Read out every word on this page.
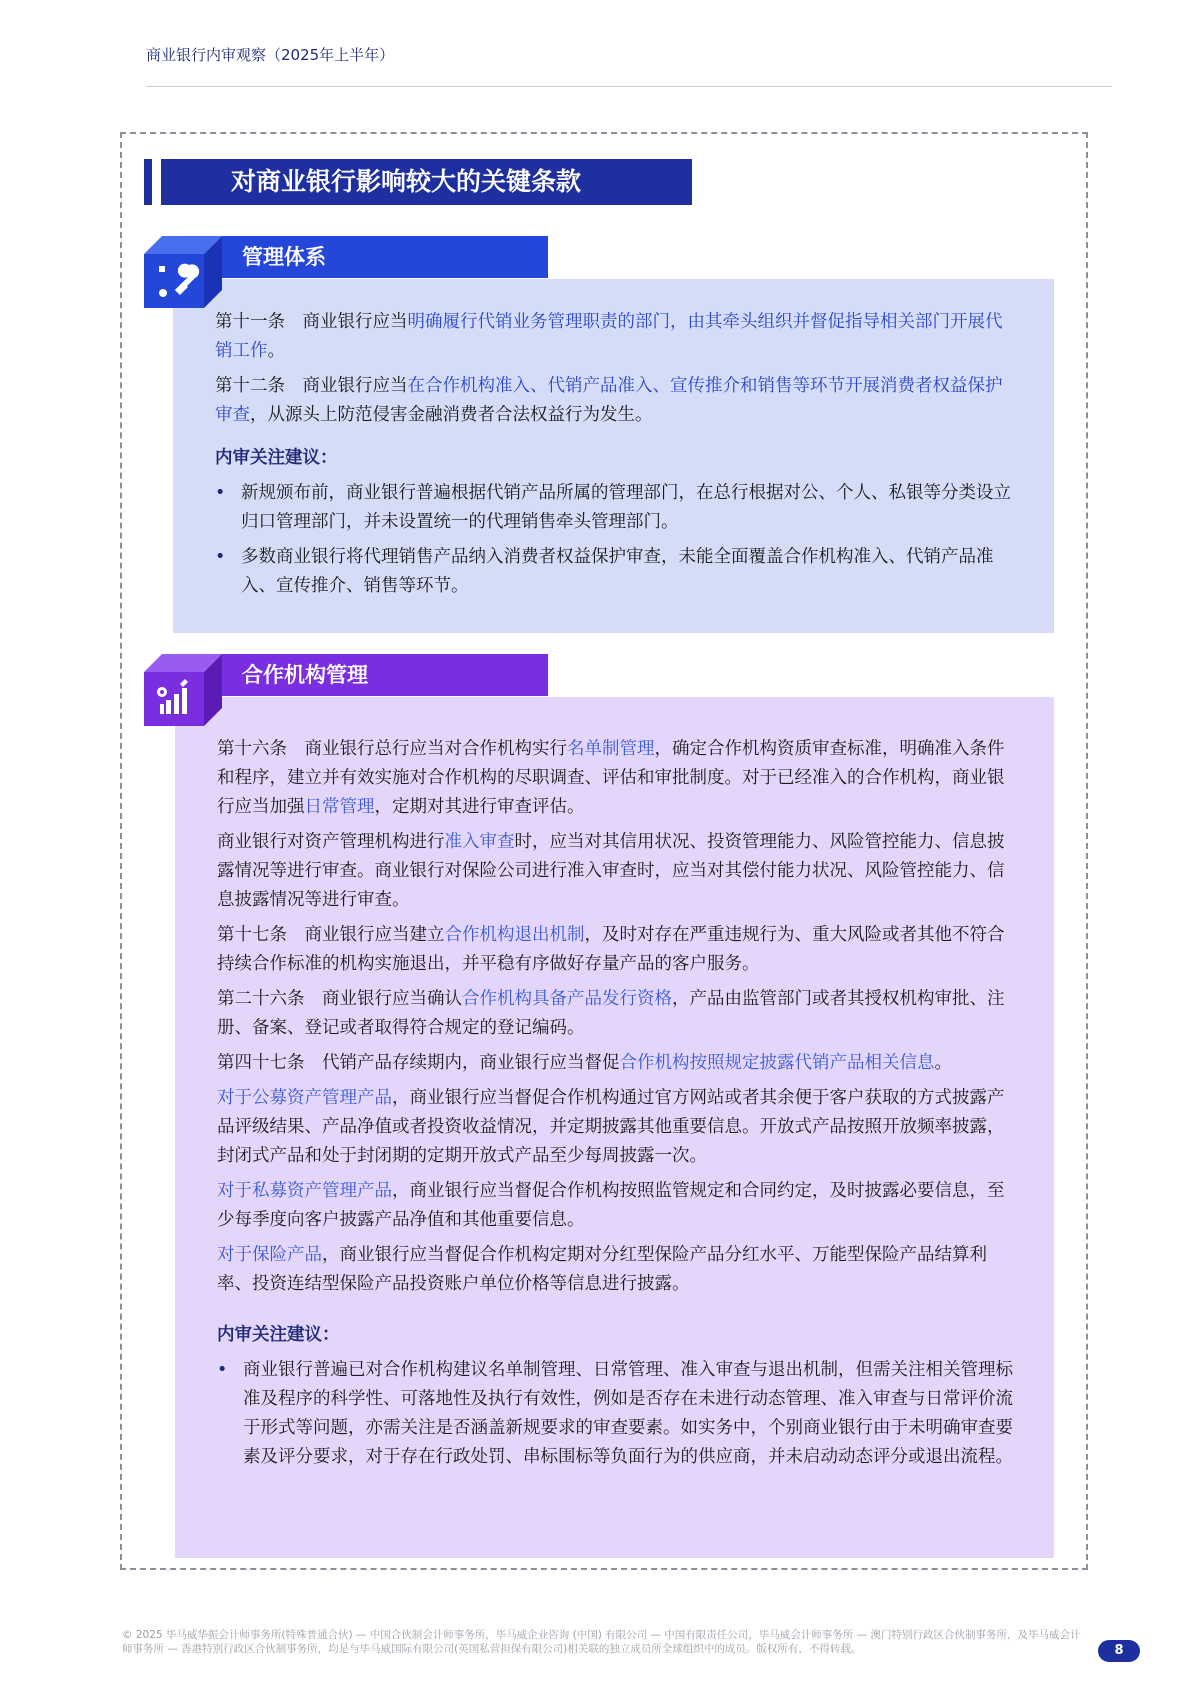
商业银行内审观察（2025年上半年）
对商业银行影响较大的关键条款

第十一条　商业银行应当明确履行代销业务管理职责的部门，由其牵头组织并督促指导相关部门开展代销工作。

第十二条　商业银行应当在合作机构准入、代销产品准入、宣传推介和销售等环节开展消费者权益保护审查，从源头上防范侵害金融消费者合法权益行为发生。

内审关注建议：

• 新规颁布前，商业银行普遍根据代销产品所属的管理部门，在总行根据对公、个人、私银等分类设立归口管理部门，并未设置统一的代理销售牵头管理部门。
• 多数商业银行将代理销售产品纳入消费者权益保护审查，未能全面覆盖合作机构准入、代销产品准入、宣传推介、销售等环节。
管理体系

第十六条　商业银行总行应当对合作机构实行名单制管理，确定合作机构资质审查标准，明确准入条件和程序，建立并有效实施对合作机构的尽职调查、评估和审批制度。对于已经准入的合作机构，商业银行应当加强日常管理，定期对其进行审查评估。

商业银行对资产管理机构进行准入审查时，应当对其信用状况、投资管理能力、风险管控能力、信息披露情况等进行审查。商业银行对保险公司进行准入审查时，应当对其偿付能力状况、风险管控能力、信息披露情况等进行审查。

第十七条　商业银行应当建立合作机构退出机制，及时对存在严重违规行为、重大风险或者其他不符合持续合作标准的机构实施退出，并平稳有序做好存量产品的客户服务。

第二十六条　商业银行应当确认合作机构具备产品发行资格，产品由监管部门或者其授权机构审批、注册、备案、登记或者取得符合规定的登记编码。

第四十七条　代销产品存续期内，商业银行应当督促合作机构按照规定披露代销产品相关信息。

对于公募资产管理产品，商业银行应当督促合作机构通过官方网站或者其余便于客户获取的方式披露产品评级结果、产品净值或者投资收益情况，并定期披露其他重要信息。开放式产品按照开放频率披露，封闭式产品和处于封闭期的定期开放式产品至少每周披露一次。

对于私募资产管理产品，商业银行应当督促合作机构按照监管规定和合同约定，及时披露必要信息，至少每季度向客户披露产品净值和其他重要信息。

对于保险产品，商业银行应当督促合作机构定期对分红型保险产品分红水平、万能型保险产品结算利率、投资连结型保险产品投资账户单位价格等信息进行披露。

内审关注建议：

• 商业银行普遍已对合作机构建议名单制管理、日常管理、准入审查与退出机制，但需关注相关管理标准及程序的科学性、可落地性及执行有效性，例如是否存在未进行动态管理、准入审查与日常评价流于形式等问题，亦需关注是否涵盖新规要求的审查要素。如实务中，个别商业银行由于未明确审查要素及评分要求，对于存在行政处罚、串标围标等负面行为的供应商，并未启动动态评分或退出流程。
合作机构管理
© 2025 毕马威华振会计师事务所(特殊普通合伙) — 中国合伙制会计师事务所，毕马威企业咨询 (中国) 有限公司 — 中国有限责任公司，毕马威会计师事务所 — 澳门特别行政区合伙制事务所，及毕马威会计师事务所 — 香港特别行政区合伙制事务所，均是与毕马威国际有限公司(英国私营担保有限公司)相关联的独立成员所全球组织中的成员。版权所有，不得转载。	8
